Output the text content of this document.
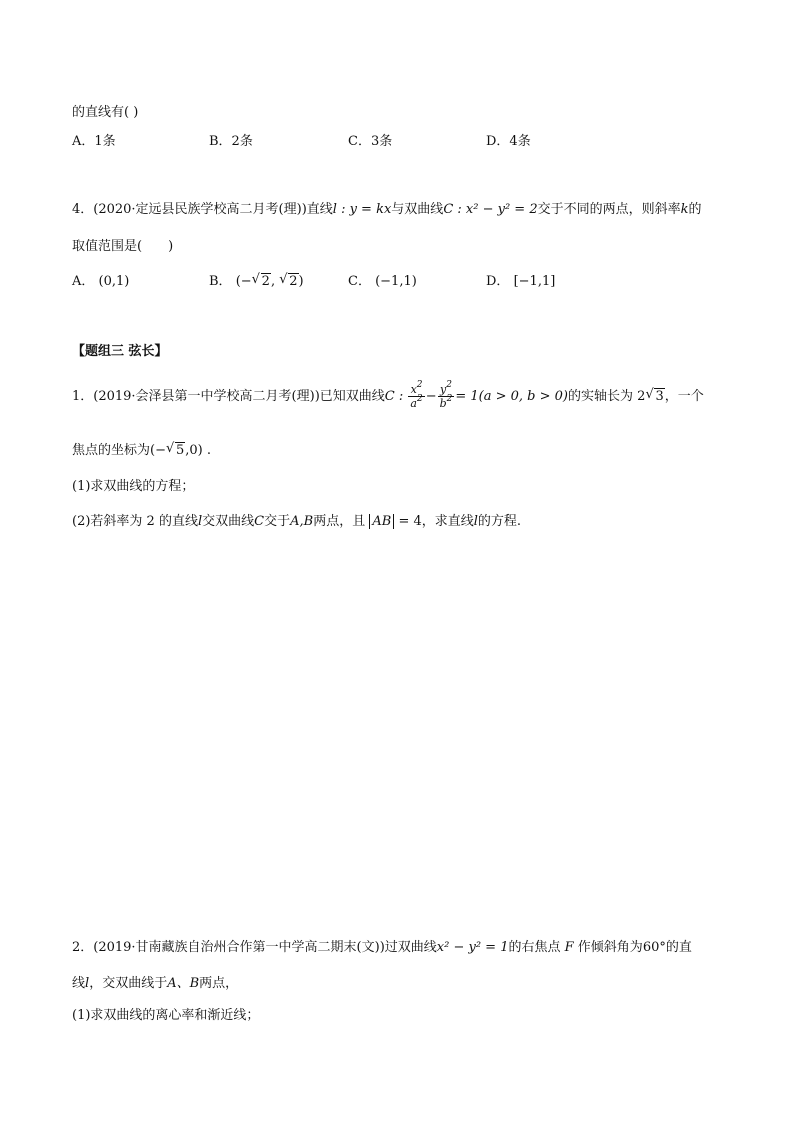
的直线有( )
A．1条	B．2条	C．3条	D．4条
4．(2020·定远县民族学校高二月考(理))直线l : y = kx与双曲线C : x² − y² = 2交于不同的两点，则斜率k的
取值范围是(　　)
A． (0,1)	B． (− √ 2, √ 2)	C． (−1,1)	D． [−1,1]
【题组三 弦长】
1．(2019·会泽县第一中学校高二月考(理))已知双曲线C : $\frac{x^2}{a^2} - \frac{y^2}{b^2} = 1(a > 0$, b > 0)的实轴长为 2 √ 3，一个
焦点的坐标为(− √ 5,0) .
(1)求双曲线的方程；
(2)若斜率为 2 的直线l交双曲线C交于A,B两点，且 AB = 4，求直线l的方程.
2．(2019·甘南藏族自治州合作第一中学高二期末(文))过双曲线x² − y² = 1的右焦点 F 作倾斜角为60°的直
线l，交双曲线于A、B两点，
(1)求双曲线的离心率和渐近线；
